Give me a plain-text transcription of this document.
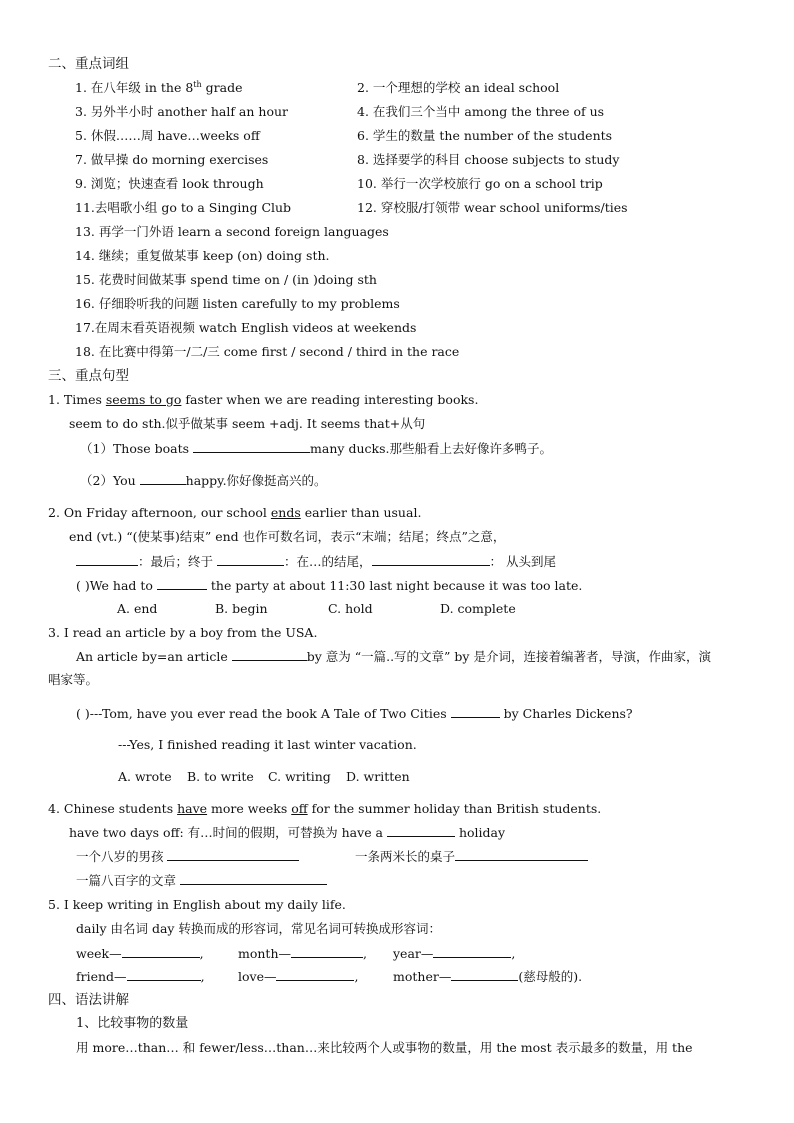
二、重点词组
1. 在八年级 in the 8th grade	2. 一个理想的学校 an ideal school
3. 另外半小时 another half an hour	4. 在我们三个当中 among the three of us
5. 休假……周 have…weeks off	6. 学生的数量 the number of the students
7. 做早操 do morning exercises	8. 选择要学的科目 choose subjects to study
9. 浏览；快速查看 look through	10. 举行一次学校旅行 go on a school trip
11.去唱歌小组 go to a Singing Club	12. 穿校服/打领带 wear school uniforms/ties
13. 再学一门外语 learn a second foreign languages
14. 继续；重复做某事 keep (on) doing sth.
15. 花费时间做某事 spend time on / (in )doing sth
16. 仔细聆听我的问题 listen carefully to my problems
17.在周末看英语视频 watch English videos at weekends
18. 在比赛中得第一/二/三 come first / second / third in the race
三、重点句型
1. Times seems to go faster when we are reading interesting books.
seem to do sth.似乎做某事 seem +adj. It seems that+从句
（1）Those boats	many ducks.那些船看上去好像许多鸭子。
（2）You	happy.你好像挺高兴的。
2. On Friday afternoon, our school ends earlier than usual.
end (vt.) “(使某事)结束” end 也作可数名词，表示“末端；结尾；终点”之意，
：最后；终于	：在…的结尾，	： 从头到尾
( )We had to	the party at about 11:30 last night because it was too late.
A. end	B. begin	C. hold	D. complete
3. I read an article by a boy from the USA.
An article by=an article	by 意为 “一篇..写的文章” by 是介词，连接着编著者，导演，作曲家，演
唱家等。
( )---Tom, have you ever read the book A Tale of Two Cities	by Charles Dickens?
---Yes, I finished reading it last winter vacation.
A. wrote B. to write C. writing D. written
4. Chinese students have more weeks off for the summer holiday than British students.
have two days off: 有…时间的假期，可替换为 have a	holiday
一个八岁的男孩	一条两米长的桌子
一篇八百字的文章
5. I keep writing in English about my daily life.
daily 由名词 day 转换而成的形容词，常见名词可转换成形容词：
week—	,	month—	, year—	,
friend—	,	love—	,	mother—	(慈母般的).
四、语法讲解
1、比较事物的数量
用 more…than… 和 fewer/less…than…来比较两个人或事物的数量，用 the most 表示最多的数量，用 the
